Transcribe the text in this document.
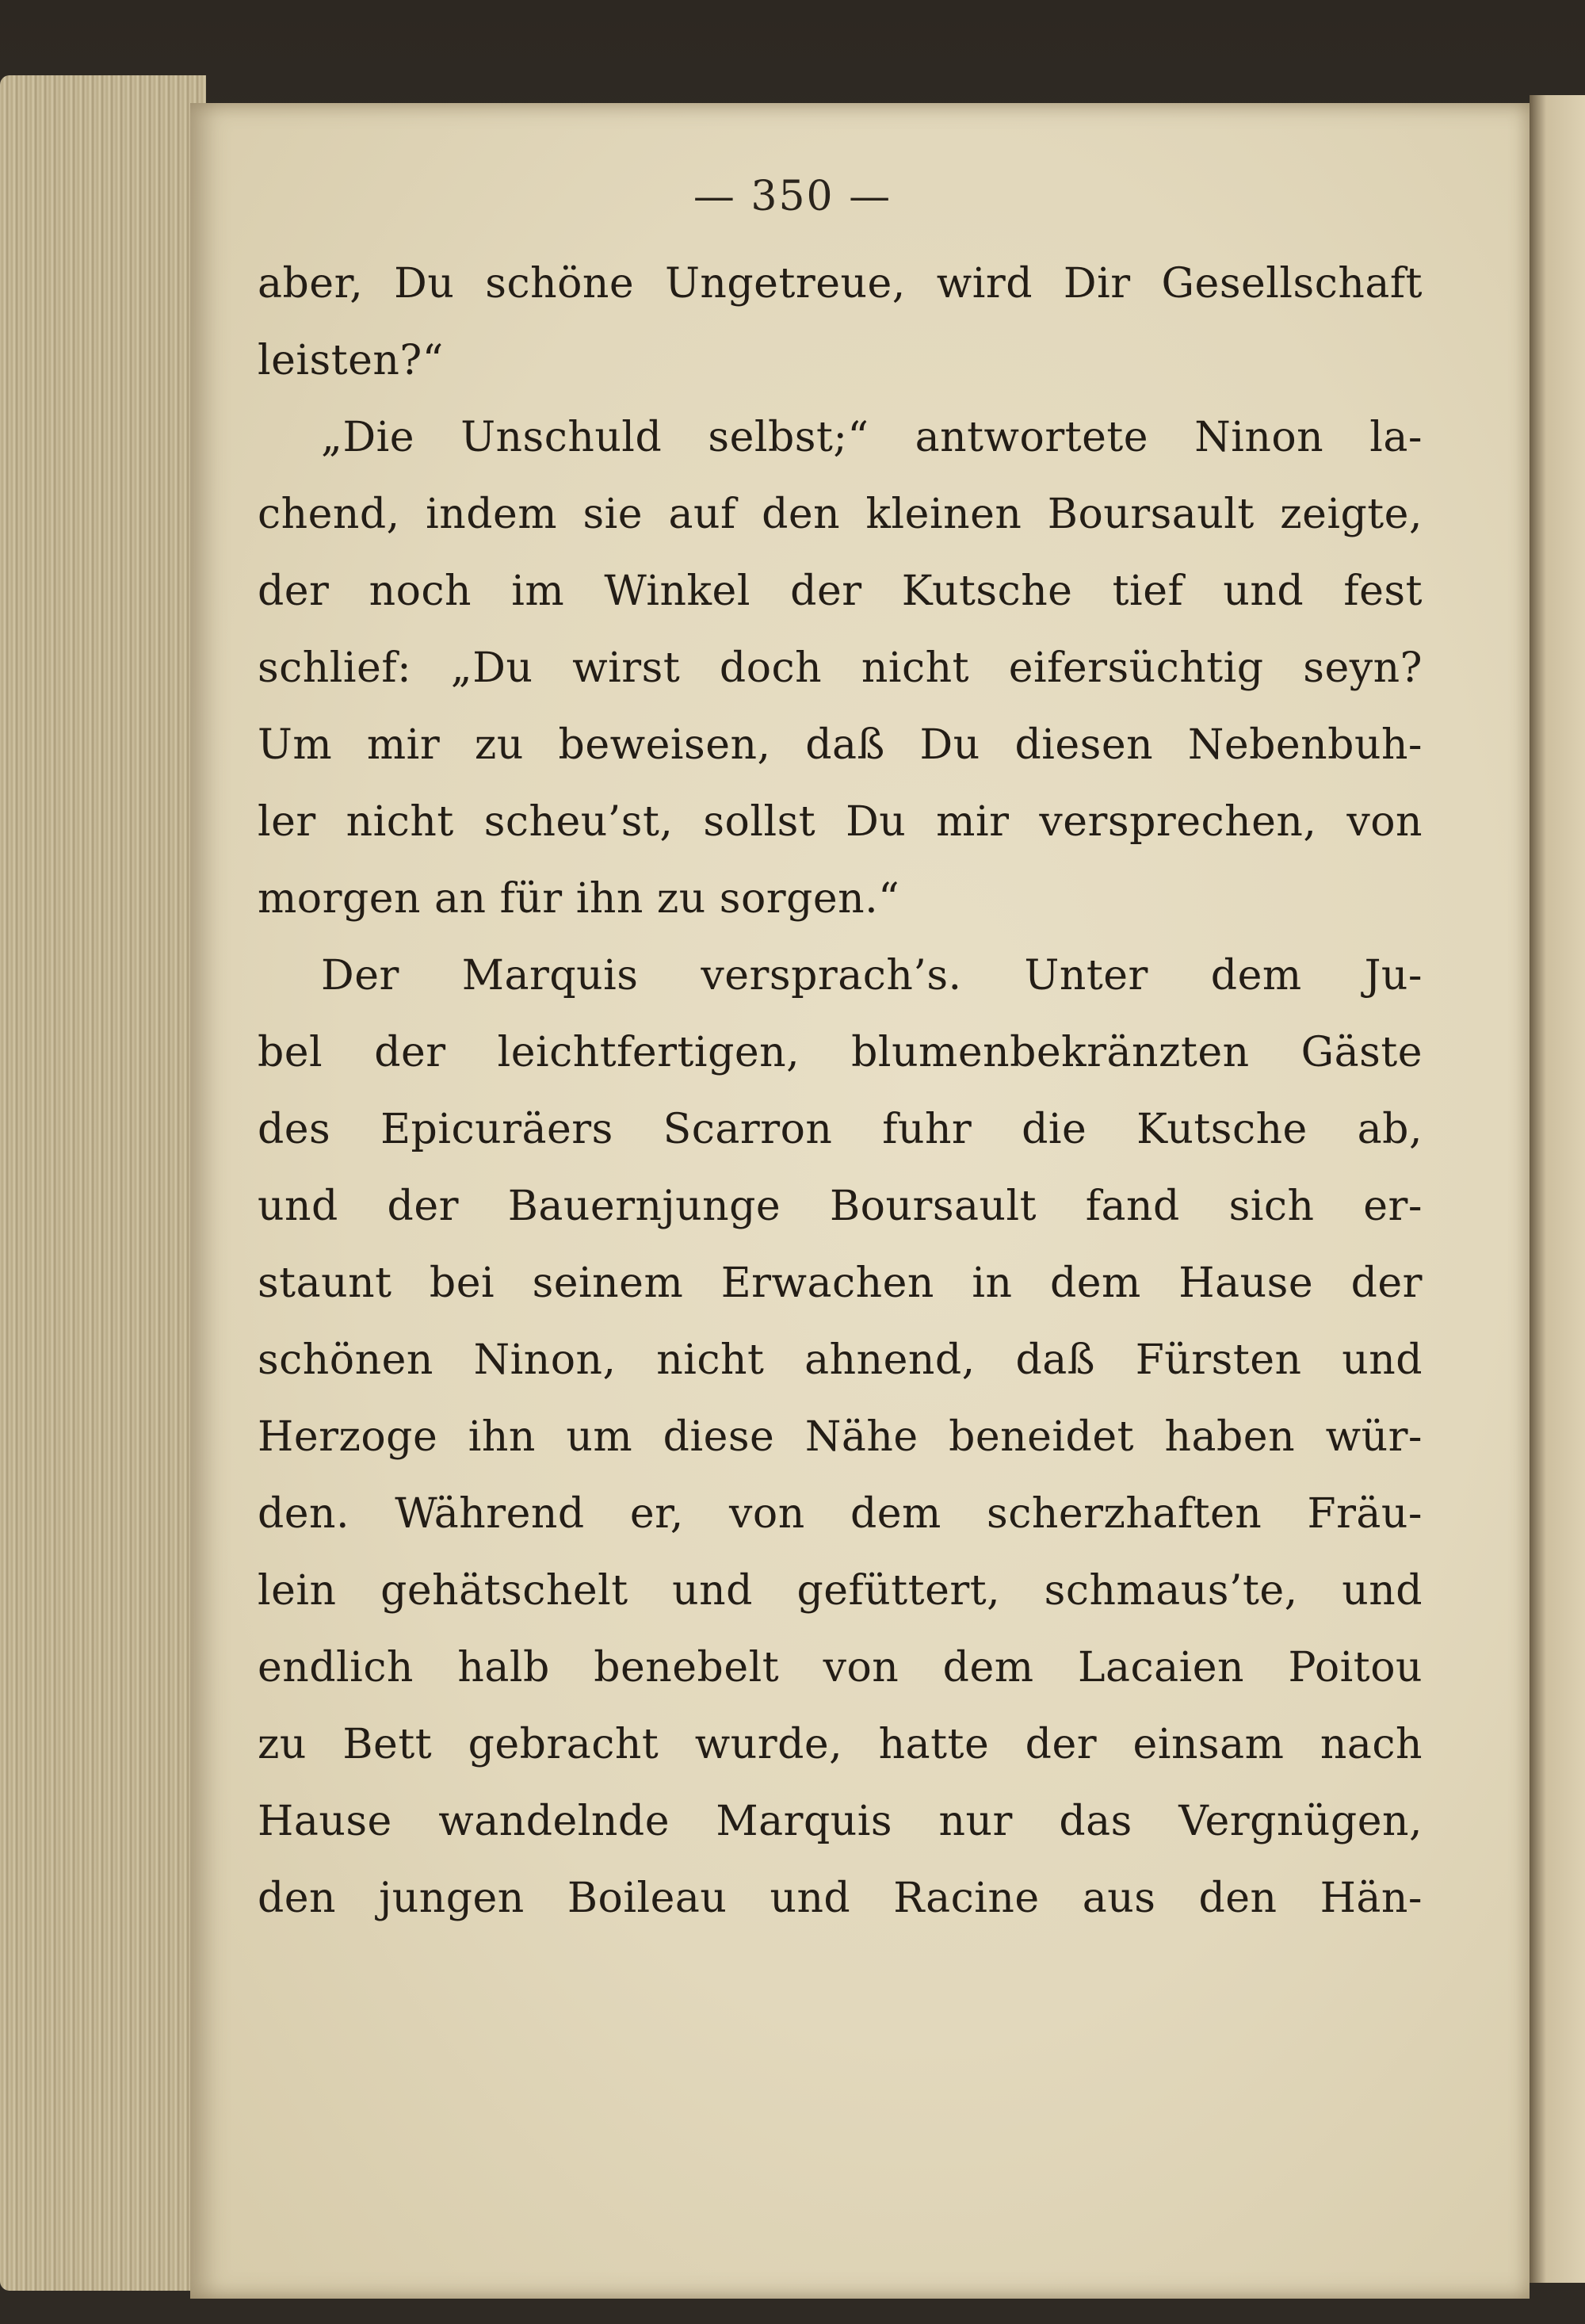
— 350 —
aber, Du schöne Ungetreue, wird Dir Gesellschaft
leisten?“
„Die Unschuld selbst;“ antwortete Ninon la-
chend, indem sie auf den kleinen Boursault zeigte,
der noch im Winkel der Kutsche tief und fest
schlief: „Du wirst doch nicht eifersüchtig seyn?
Um mir zu beweisen, daß Du diesen Nebenbuh-
ler nicht scheu’st, sollst Du mir versprechen, von
morgen an für ihn zu sorgen.“
Der Marquis versprach’s. Unter dem Ju-
bel der leichtfertigen, blumenbekränzten Gäste
des Epicuräers Scarron fuhr die Kutsche ab,
und der Bauernjunge Boursault fand sich er-
staunt bei seinem Erwachen in dem Hause der
schönen Ninon, nicht ahnend, daß Fürsten und
Herzoge ihn um diese Nähe beneidet haben wür-
den. Während er, von dem scherzhaften Fräu-
lein gehätschelt und gefüttert, schmaus’te, und
endlich halb benebelt von dem Lacaien Poitou
zu Bett gebracht wurde, hatte der einsam nach
Hause wandelnde Marquis nur das Vergnügen,
den jungen Boileau und Racine aus den Hän-
